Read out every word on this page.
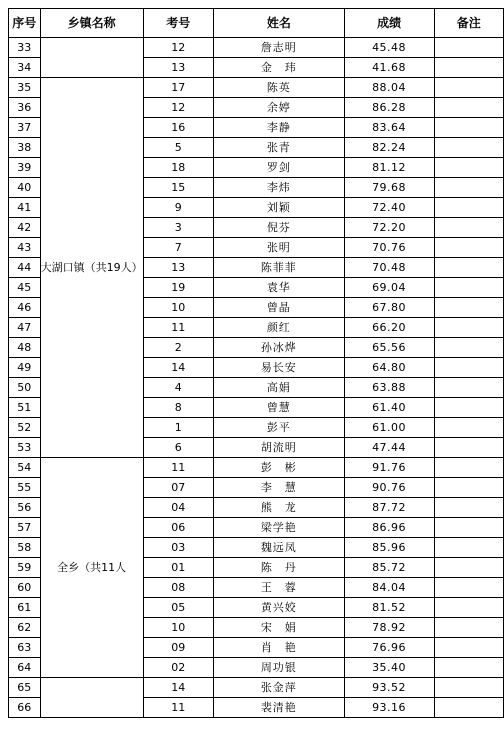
序号	乡镇名称	考号	姓名	成绩	备注
33		12	詹志明	45.48	
34		13	金　玮	41.68	
35	大湖口镇（共19人）	17	陈英	88.04	
36		12	余婷	86.28	
37		16	李静	83.64	
38		5	张青	82.24	
39		18	罗剑	81.12	
40		15	李炜	79.68	
41		9	刘颖	72.40	
42		3	倪芬	72.20	
43		7	张明	70.76	
44		13	陈菲菲	70.48	
45		19	袁华	69.04	
46		10	曾晶	67.80	
47		11	颜红	66.20	
48		2	孙冰烨	65.56	
49		14	易长安	64.80	
50		4	高娟	63.88	
51		8	曾慧	61.40	
52		1	彭平	61.00	
53		6	胡流明	47.44	
54	全乡（共11人	11	彭　彬	91.76	
55		07	李　慧	90.76	
56		04	熊　龙	87.72	
57		06	梁学艳	86.96	
58		03	魏远凤	85.96	
59		01	陈　丹	85.72	
60		08	王　蓉	84.04	
61		05	黄兴姣	81.52	
62		10	宋　娟	78.92	
63		09	肖　艳	76.96	
64		02	周功银	35.40	
65		14	张金萍	93.52	
66		11	裴清艳	93.16	
